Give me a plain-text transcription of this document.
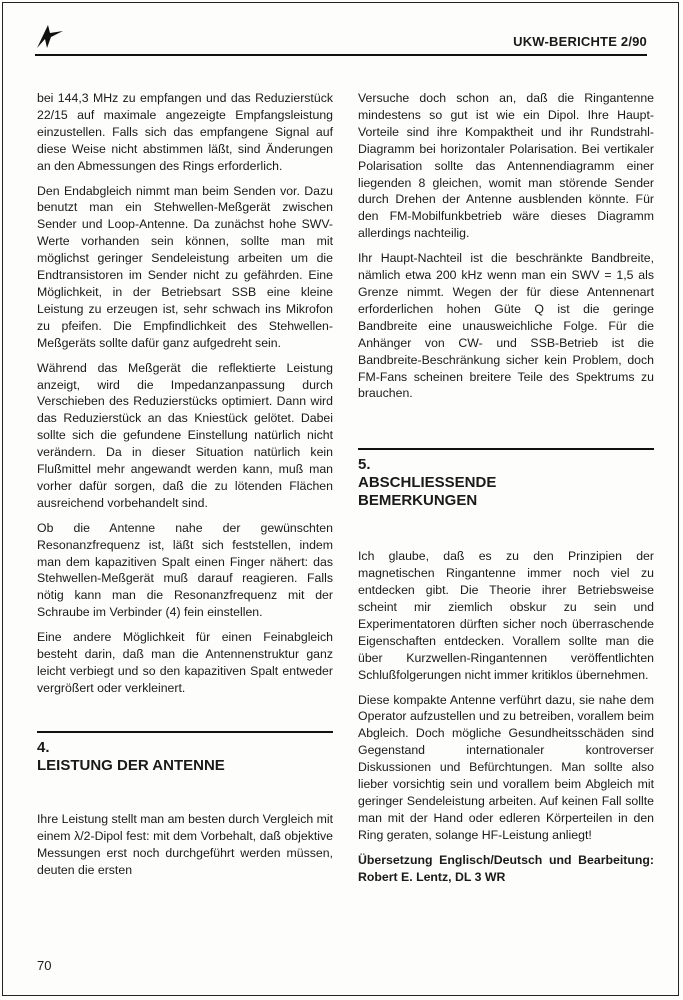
UKW-BERICHTE 2/90

bei 144,3 MHz zu empfangen und das Reduzierstück 22/15 auf maximale angezeigte Empfangsleistung einzustellen. Falls sich das empfangene Signal auf diese Weise nicht abstimmen läßt, sind Änderungen an den Abmessungen des Rings erforderlich.

Den Endabgleich nimmt man beim Senden vor. Dazu benutzt man ein Stehwellen-Meßgerät zwischen Sender und Loop-Antenne. Da zunächst hohe SWV-Werte vorhanden sein können, sollte man mit möglichst geringer Sendeleistung arbeiten um die Endtransistoren im Sender nicht zu gefährden. Eine Möglichkeit, in der Betriebsart SSB eine kleine Leistung zu erzeugen ist, sehr schwach ins Mikrofon zu pfeifen. Die Empfindlichkeit des Stehwellen-Meßgeräts sollte dafür ganz aufgedreht sein.

Während das Meßgerät die reflektierte Leistung anzeigt, wird die Impedanzanpassung durch Verschieben des Reduzierstücks optimiert. Dann wird das Reduzierstück an das Kniestück gelötet. Dabei sollte sich die gefundene Einstellung natürlich nicht verändern. Da in dieser Situation natürlich kein Flußmittel mehr angewandt werden kann, muß man vorher dafür sorgen, daß die zu lötenden Flächen ausreichend vorbehandelt sind.

Ob die Antenne nahe der gewünschten Resonanzfrequenz ist, läßt sich feststellen, indem man dem kapazitiven Spalt einen Finger nähert: das Stehwellen-Meßgerät muß darauf reagieren. Falls nötig kann man die Resonanzfrequenz mit der Schraube im Verbinder (4) fein einstellen.

Eine andere Möglichkeit für einen Feinabgleich besteht darin, daß man die Antennenstruktur ganz leicht verbiegt und so den kapazitiven Spalt entweder vergrößert oder verkleinert.

4.
LEISTUNG DER ANTENNE

Ihre Leistung stellt man am besten durch Vergleich mit einem λ/2-Dipol fest: mit dem Vorbehalt, daß objektive Messungen erst noch durchgeführt werden müssen, deuten die ersten

Versuche doch schon an, daß die Ringantenne mindestens so gut ist wie ein Dipol. Ihre Haupt-Vorteile sind ihre Kompaktheit und ihr Rundstrahl-Diagramm bei horizontaler Polarisation. Bei vertikaler Polarisation sollte das Antennendiagramm einer liegenden 8 gleichen, womit man störende Sender durch Drehen der Antenne ausblenden könnte. Für den FM-Mobilfunkbetrieb wäre dieses Diagramm allerdings nachteilig.

Ihr Haupt-Nachteil ist die beschränkte Bandbreite, nämlich etwa 200 kHz wenn man ein SWV = 1,5 als Grenze nimmt. Wegen der für diese Antennenart erforderlichen hohen Güte Q ist die geringe Bandbreite eine unausweichliche Folge. Für die Anhänger von CW- und SSB-Betrieb ist die Bandbreite-Beschränkung sicher kein Problem, doch FM-Fans scheinen breitere Teile des Spektrums zu brauchen.

5.
ABSCHLIESSENDE
BEMERKUNGEN

Ich glaube, daß es zu den Prinzipien der magnetischen Ringantenne immer noch viel zu entdecken gibt. Die Theorie ihrer Betriebsweise scheint mir ziemlich obskur zu sein und Experimentatoren dürften sicher noch überraschende Eigenschaften entdecken. Vorallem sollte man die über Kurzwellen-Ringantennen veröffentlichten Schlußfolgerungen nicht immer kritiklos übernehmen.

Diese kompakte Antenne verführt dazu, sie nahe dem Operator aufzustellen und zu betreiben, vorallem beim Abgleich. Doch mögliche Gesundheitsschäden sind Gegenstand internationaler kontroverser Diskussionen und Befürchtungen. Man sollte also lieber vorsichtig sein und vorallem beim Abgleich mit geringer Sendeleistung arbeiten. Auf keinen Fall sollte man mit der Hand oder edleren Körperteilen in den Ring geraten, solange HF-Leistung anliegt!

Übersetzung Englisch/Deutsch und Bearbeitung: Robert E. Lentz, DL 3 WR

70
